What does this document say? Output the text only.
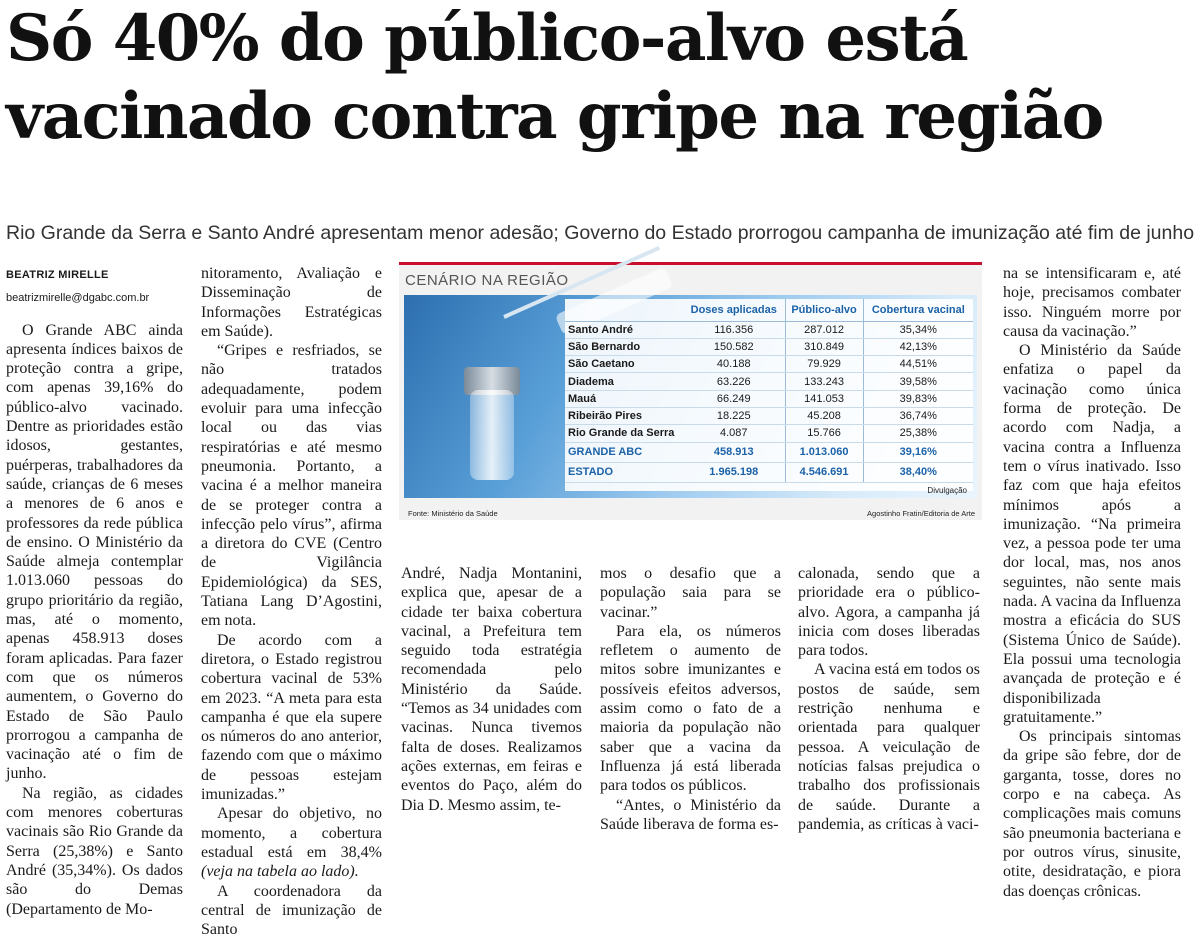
Só 40% do público-alvo está
vacinado contra gripe na região
Rio Grande da Serra e Santo André apresentam menor adesão; Governo do Estado prorrogou campanha de imunização até fim de junho
BEATRIZ MIRELLE
beatrizmirelle@dgabc.com.br

O Grande ABC ainda apresenta índices baixos de proteção contra a gripe, com apenas 39,16% do público-alvo vacinado. Dentre as prioridades estão idosos, gestantes, puérperas, trabalhadores da saúde, crianças de 6 meses a menores de 6 anos e professores da rede pública de ensino. O Ministério da Saúde almeja contemplar 1.013.060 pessoas do grupo prioritário da região, mas, até o momento, apenas 458.913 doses foram aplicadas. Para fazer com que os números aumentem, o Governo do Estado de São Paulo prorrogou a campanha de vacinação até o fim de junho.

Na região, as cidades com menores coberturas vacinais são Rio Grande da Serra (25,38%) e Santo André (35,34%). Os dados são do Demas (Departamento de Mo-

nitoramento, Avaliação e Disseminação de Informações Estratégicas em Saúde).

“Gripes e resfriados, se não tratados adequadamente, podem evoluir para uma infecção local ou das vias respiratórias e até mesmo pneumonia. Portanto, a vacina é a melhor maneira de se proteger contra a infecção pelo vírus”, afirma a diretora do CVE (Centro de Vigilância Epidemiológica) da SES, Tatiana Lang D’Agostini, em nota.

De acordo com a diretora, o Estado registrou cobertura vacinal de 53% em 2023. “A meta para esta campanha é que ela supere os números do ano anterior, fazendo com que o máximo de pessoas estejam imunizadas.”

Apesar do objetivo, no momento, a cobertura estadual está em 38,4% (veja na tabela ao lado).

A coordenadora da central de imunização de Santo

CENÁRIO NA REGIÃO
	Doses aplicadas	Público-alvo	Cobertura vacinal
Santo André	116.356	287.012	35,34%
São Bernardo	150.582	310.849	42,13%
São Caetano	40.188	79.929	44,51%
Diadema	63.226	133.243	39,58%
Mauá	66.249	141.053	39,83%
Ribeirão Pires	18.225	45.208	36,74%
Rio Grande da Serra	4.087	15.766	25,38%
GRANDE ABC	458.913	1.013.060	39,16%
ESTADO	1.965.198	4.546.691	38,40%
Divulgação
Fonte: Ministério da Saúde	Agostinho Fratin/Editoria de Arte

André, Nadja Montanini, explica que, apesar de a cidade ter baixa cobertura vacinal, a Prefeitura tem seguido toda estratégia recomendada pelo Ministério da Saúde. “Temos as 34 unidades com vacinas. Nunca tivemos falta de doses. Realizamos ações externas, em feiras e eventos do Paço, além do Dia D. Mesmo assim, te-

mos o desafio que a população saia para se vacinar.”

Para ela, os números refletem o aumento de mitos sobre imunizantes e possíveis efeitos adversos, assim como o fato de a maioria da população não saber que a vacina da Influenza já está liberada para todos os públicos.

“Antes, o Ministério da Saúde liberava de forma es-

calonada, sendo que a prioridade era o público-alvo. Agora, a campanha já inicia com doses liberadas para todos.

A vacina está em todos os postos de saúde, sem restrição nenhuma e orientada para qualquer pessoa. A veiculação de notícias falsas prejudica o trabalho dos profissionais de saúde. Durante a pandemia, as críticas à vaci-

na se intensificaram e, até hoje, precisamos combater isso. Ninguém morre por causa da vacinação.”

O Ministério da Saúde enfatiza o papel da vacinação como única forma de proteção. De acordo com Nadja, a vacina contra a Influenza tem o vírus inativado. Isso faz com que haja efeitos mínimos após a imunização. “Na primeira vez, a pessoa pode ter uma dor local, mas, nos anos seguintes, não sente mais nada. A vacina da Influenza mostra a eficácia do SUS (Sistema Único de Saúde). Ela possui uma tecnologia avançada de proteção e é disponibilizada gratuitamente.”

Os principais sintomas da gripe são febre, dor de garganta, tosse, dores no corpo e na cabeça. As complicações mais comuns são pneumonia bacteriana e por outros vírus, sinusite, otite, desidratação, e piora das doenças crônicas.
